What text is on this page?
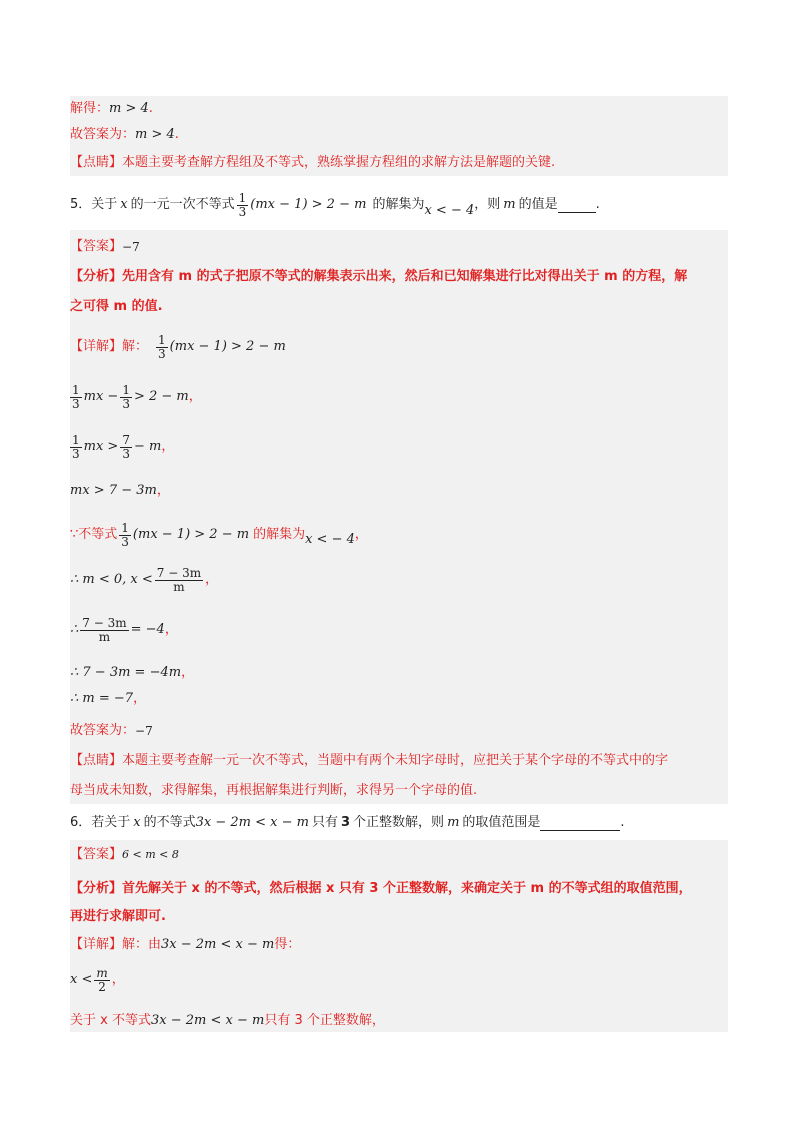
解得： m > 4 .
故答案为： m > 4 .
【点睛】 本题主要考查解方程组及不等式，熟练掌握方程组的求解方法是解题的关键.
5．关于 x 的一元一次不等式 $\frac{1}{3} (mx - 1) > 2 - m$ 的解集为 x < − 4 ，则 m 的值是	.
【答案】 −7
【分析】 先用含有 m 的式子把原不等式的解集表示出来，然后和已知解集进行比对得出关于 m 的方程，解
之可得 m 的值.
【详解】 解： $\frac{1}{3} (mx - 1) > 2 - m$
$\frac{1}{3}$ mx − $\frac{1}{3} > 2 - m$ ，
$\frac{1}{3}$ mx > $\frac{7}{3} - m$ ，
mx > 7 − 3m ，
∵不等式 $\frac{1}{3} (mx - 1) > 2 - m$ 的解集为 x < − 4 ，
∴ m < 0, $x < \frac{7 - 3m}{m}$ ，
∴ $\frac{7 - 3m}{m} = -4$ ，
∴ 7 − 3m = −4m ，
∴ m = −7 ，
故答案为： −7
【点睛】 本题主要考查解一元一次不等式，当题中有两个未知字母时，应把关于某个字母的不等式中的字
母当成未知数，求得解集，再根据解集进行判断，求得另一个字母的值.
6．若关于 x 的不等式 3x − 2m < x − m 只有 3 个正整数解，则 m 的取值范围是	.
【答案】 6 < m < 8
【分析】 首先解关于 x 的不等式，然后根据 x 只有 3 个正整数解，来确定关于 m 的不等式组的取值范围，
再进行求解即可.
【详解】 解：由 3x − 2m < x − m 得：
$x < \frac{m}{2}$ ，
关于 x 不等式 3x − 2m < x − m 只有 3 个正整数解，
